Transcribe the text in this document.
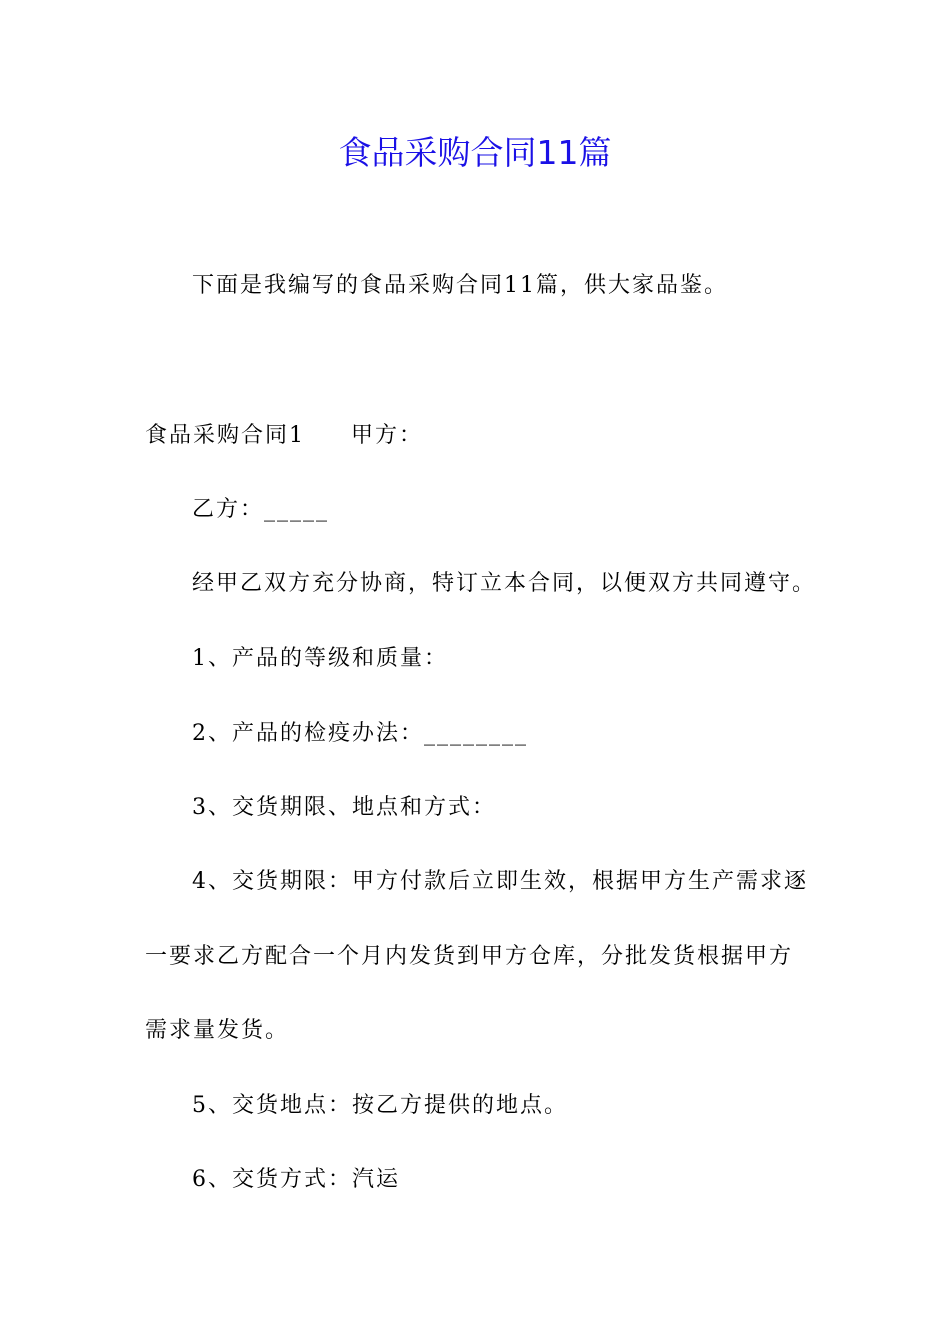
食品采购合同11篇

下面是我编写的食品采购合同11篇，供大家品鉴。

食品采购合同1 甲方：

乙方：_____

经甲乙双方充分协商，特订立本合同，以便双方共同遵守。

1、产品的等级和质量：

2、产品的检疫办法：________

3、交货期限、地点和方式：

4、交货期限：甲方付款后立即生效，根据甲方生产需求逐

一要求乙方配合一个月内发货到甲方仓库，分批发货根据甲方

需求量发货。

5、交货地点：按乙方提供的地点。

6、交货方式：汽运
